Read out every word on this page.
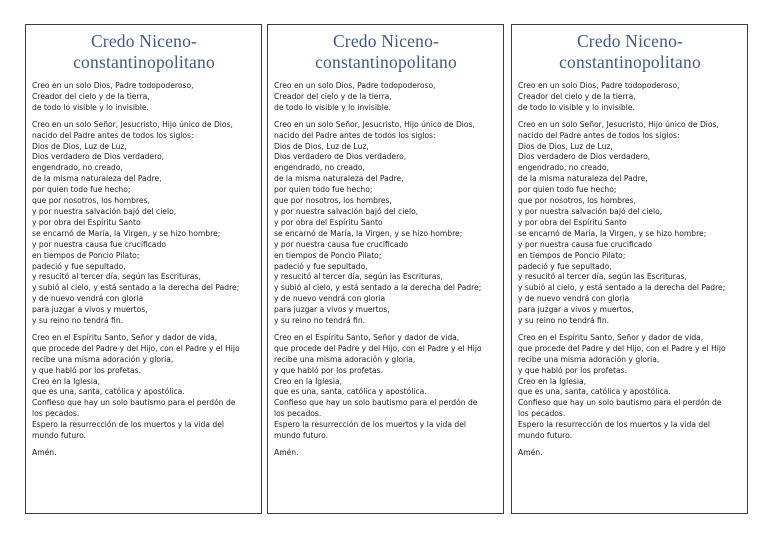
Credo Niceno-
constantinopolitano
Creo en un solo Dios, Padre todopoderoso,
Creador del cielo y de la tierra,
de todo lo visible y lo invisible.
Creo en un solo Señor, Jesucristo, Hijo único de Dios,
nacido del Padre antes de todos los siglos:
Dios de Dios, Luz de Luz,
Dios verdadero de Dios verdadero,
engendrado, no creado,
de la misma naturaleza del Padre,
por quien todo fue hecho;
que por nosotros, los hombres,
y por nuestra salvación bajó del cielo,
y por obra del Espíritu Santo
se encarnó de María, la Virgen, y se hizo hombre;
y por nuestra causa fue crucificado
en tiempos de Poncio Pilato;
padeció y fue sepultado,
y resucitó al tercer día, según las Escrituras,
y subió al cielo, y está sentado a la derecha del Padre;
y de nuevo vendrá con gloria
para juzgar a vivos y muertos,
y su reino no tendrá fin.
Creo en el Espíritu Santo, Señor y dador de vida,
que procede del Padre y del Hijo, con el Padre y el Hijo
recibe una misma adoración y gloria,
y que habló por los profetas.
Creo en la Iglesia,
que es una, santa, católica y apostólica.
Confieso que hay un solo bautismo para el perdón de
los pecados.
Espero la resurrección de los muertos y la vida del
mundo futuro.
Amén.
Credo Niceno-
constantinopolitano
Creo en un solo Dios, Padre todopoderoso,
Creador del cielo y de la tierra,
de todo lo visible y lo invisible.
Creo en un solo Señor, Jesucristo, Hijo único de Dios,
nacido del Padre antes de todos los siglos:
Dios de Dios, Luz de Luz,
Dios verdadero de Dios verdadero,
engendrado, no creado,
de la misma naturaleza del Padre,
por quien todo fue hecho;
que por nosotros, los hombres,
y por nuestra salvación bajó del cielo,
y por obra del Espíritu Santo
se encarnó de María, la Virgen, y se hizo hombre;
y por nuestra causa fue crucificado
en tiempos de Poncio Pilato;
padeció y fue sepultado,
y resucitó al tercer día, según las Escrituras,
y subió al cielo, y está sentado a la derecha del Padre;
y de nuevo vendrá con gloria
para juzgar a vivos y muertos,
y su reino no tendrá fin.
Creo en el Espíritu Santo, Señor y dador de vida,
que procede del Padre y del Hijo, con el Padre y el Hijo
recibe una misma adoración y gloria,
y que habló por los profetas.
Creo en la Iglesia,
que es una, santa, católica y apostólica.
Confieso que hay un solo bautismo para el perdón de
los pecados.
Espero la resurrección de los muertos y la vida del
mundo futuro.
Amén.
Credo Niceno-
constantinopolitano
Creo en un solo Dios, Padre todopoderoso,
Creador del cielo y de la tierra,
de todo lo visible y lo invisible.
Creo en un solo Señor, Jesucristo, Hijo único de Dios,
nacido del Padre antes de todos los siglos:
Dios de Dios, Luz de Luz,
Dios verdadero de Dios verdadero,
engendrado, no creado,
de la misma naturaleza del Padre,
por quien todo fue hecho;
que por nosotros, los hombres,
y por nuestra salvación bajó del cielo,
y por obra del Espíritu Santo
se encarnó de María, la Virgen, y se hizo hombre;
y por nuestra causa fue crucificado
en tiempos de Poncio Pilato;
padeció y fue sepultado,
y resucitó al tercer día, según las Escrituras,
y subió al cielo, y está sentado a la derecha del Padre;
y de nuevo vendrá con gloria
para juzgar a vivos y muertos,
y su reino no tendrá fin.
Creo en el Espíritu Santo, Señor y dador de vida,
que procede del Padre y del Hijo, con el Padre y el Hijo
recibe una misma adoración y gloria,
y que habló por los profetas.
Creo en la Iglesia,
que es una, santa, católica y apostólica.
Confieso que hay un solo bautismo para el perdón de
los pecados.
Espero la resurrección de los muertos y la vida del
mundo futuro.
Amén.
